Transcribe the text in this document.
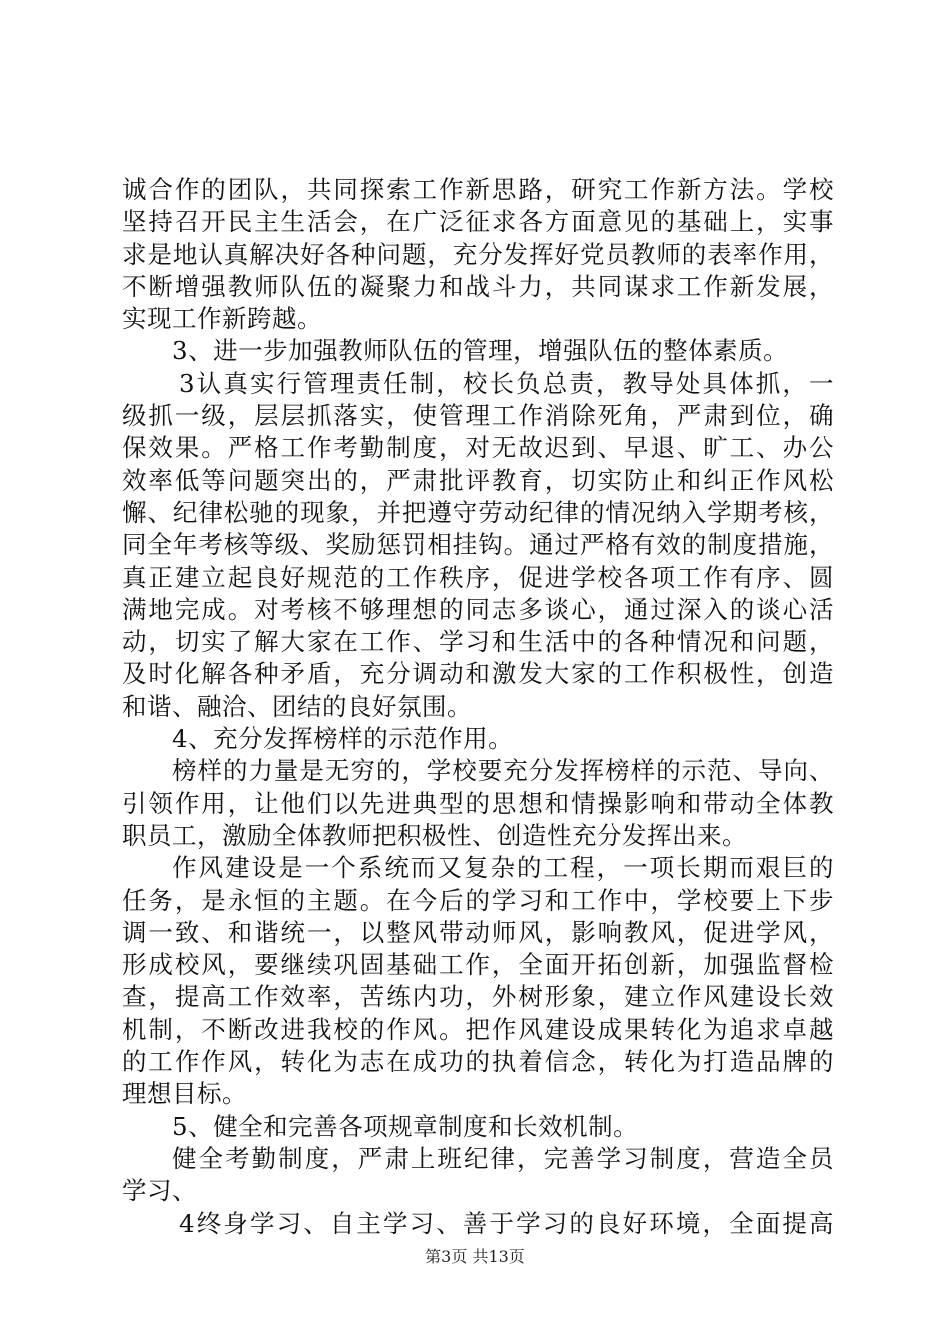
诚合作的团队，共同探索工作新思路，研究工作新方法。学校
坚持召开民主生活会，在广泛征求各方面意见的基础上，实事
求是地认真解决好各种问题，充分发挥好党员教师的表率作用，
不断增强教师队伍的凝聚力和战斗力，共同谋求工作新发展，
实现工作新跨越。
3、进一步加强教师队伍的管理，增强队伍的整体素质。
3认真实行管理责任制，校长负总责，教导处具体抓，一
级抓一级，层层抓落实，使管理工作消除死角，严肃到位，确
保效果。严格工作考勤制度，对无故迟到、早退、旷工、办公
效率低等问题突出的，严肃批评教育，切实防止和纠正作风松
懈、纪律松驰的现象，并把遵守劳动纪律的情况纳入学期考核，
同全年考核等级、奖励惩罚相挂钩。通过严格有效的制度措施，
真正建立起良好规范的工作秩序，促进学校各项工作有序、圆
满地完成。对考核不够理想的同志多谈心，通过深入的谈心活
动，切实了解大家在工作、学习和生活中的各种情况和问题，
及时化解各种矛盾，充分调动和激发大家的工作积极性，创造
和谐、融洽、团结的良好氛围。
4、充分发挥榜样的示范作用。
榜样的力量是无穷的，学校要充分发挥榜样的示范、导向、
引领作用，让他们以先进典型的思想和情操影响和带动全体教
职员工，激励全体教师把积极性、创造性充分发挥出来。
作风建设是一个系统而又复杂的工程，一项长期而艰巨的
任务，是永恒的主题。在今后的学习和工作中，学校要上下步
调一致、和谐统一，以整风带动师风，影响教风，促进学风，
形成校风，要继续巩固基础工作，全面开拓创新，加强监督检
查，提高工作效率，苦练内功，外树形象，建立作风建设长效
机制，不断改进我校的作风。把作风建设成果转化为追求卓越
的工作作风，转化为志在成功的执着信念，转化为打造品牌的
理想目标。
5、健全和完善各项规章制度和长效机制。
健全考勤制度，严肃上班纪律，完善学习制度，营造全员
学习、
4终身学习、自主学习、善于学习的良好环境，全面提高
第3页 共13页
